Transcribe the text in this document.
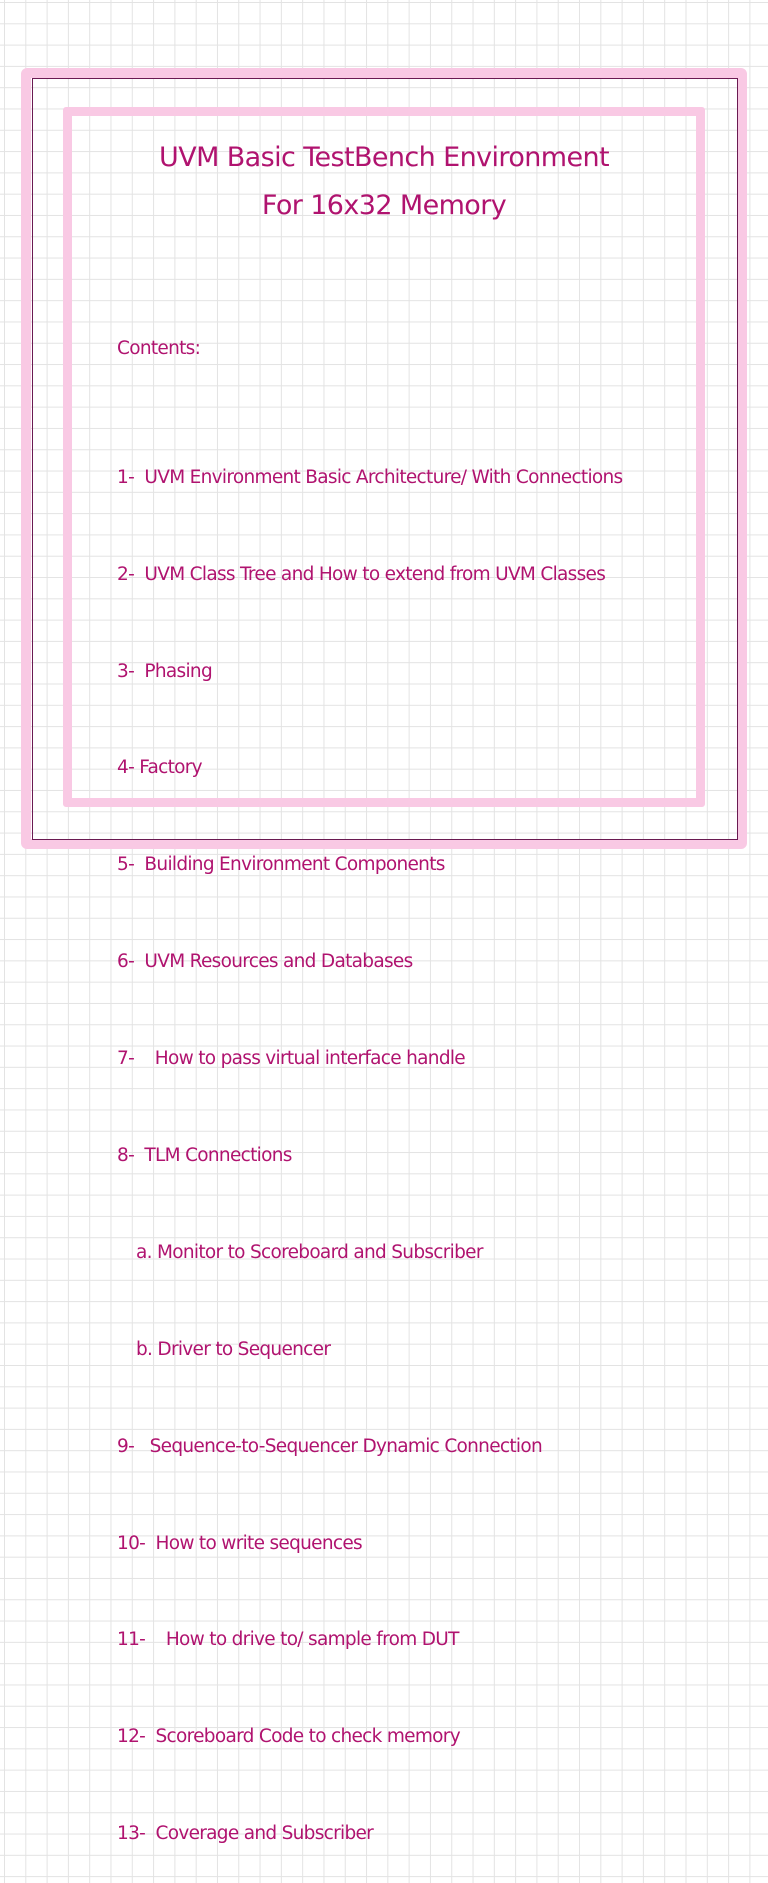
UVM Basic TestBench Environment
For 16x32 Memory

Contents:

1-  UVM Environment Basic Architecture/ With Connections

2-  UVM Class Tree and How to extend from UVM Classes

3-  Phasing

4- Factory

5-  Building Environment Components

6-  UVM Resources and Databases

7-    How to pass virtual interface handle

8-  TLM Connections

a. Monitor to Scoreboard and Subscriber

b. Driver to Sequencer

9-   Sequence-to-Sequencer Dynamic Connection

10-  How to write sequences

11-    How to drive to/ sample from DUT

12-  Scoreboard Code to check memory

13-  Coverage and Subscriber
